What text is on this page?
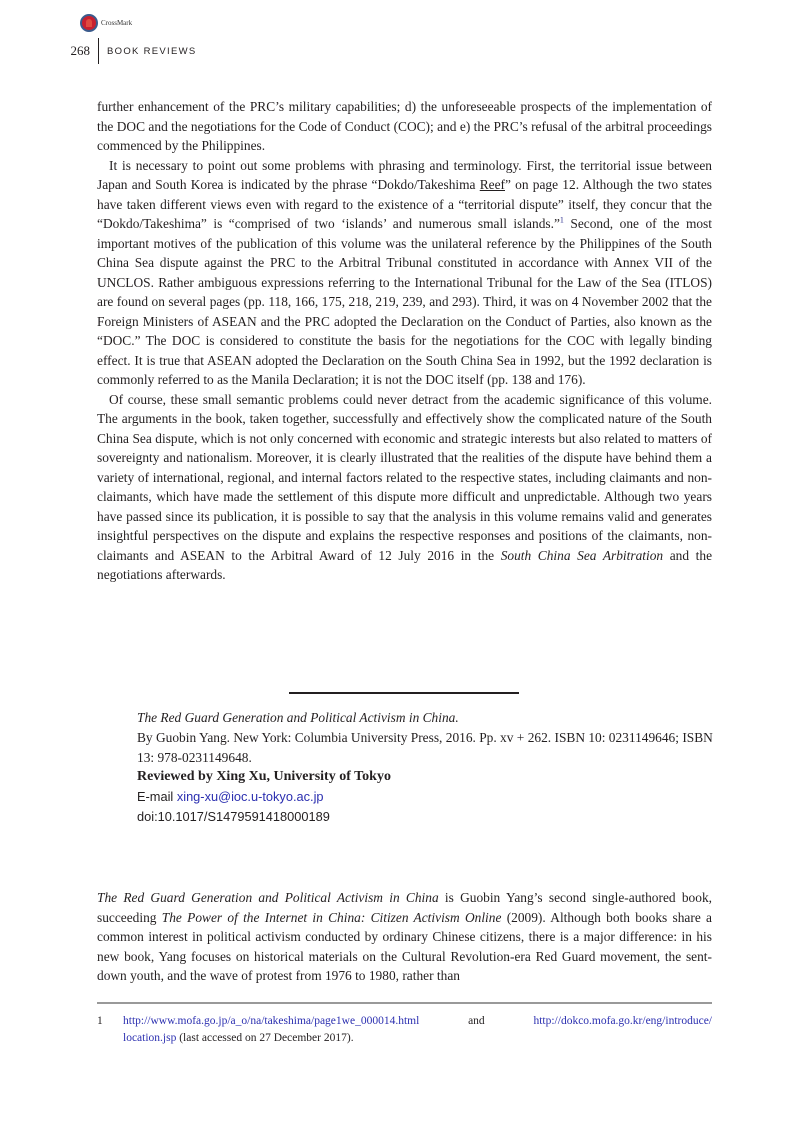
CrossMark
268	BOOK REVIEWS

further enhancement of the PRC’s military capabilities; d) the unforeseeable prospects of the implementation of the DOC and the negotiations for the Code of Conduct (COC); and e) the PRC’s refusal of the arbitral proceedings commenced by the Philippines.

It is necessary to point out some problems with phrasing and terminology. First, the territorial issue between Japan and South Korea is indicated by the phrase “Dokdo/Takeshima Reef” on page 12. Although the two states have taken different views even with regard to the existence of a “territorial dispute” itself, they concur that the “Dokdo/Takeshima” is “comprised of two ‘islands’ and numerous small islands.”$^1$ Second, one of the most important motives of the publication of this volume was the unilateral reference by the Philippines of the South China Sea dispute against the PRC to the Arbitral Tribunal constituted in accordance with Annex VII of the UNCLOS. Rather ambiguous expressions referring to the International Tribunal for the Law of the Sea (ITLOS) are found on several pages (pp. 118, 166, 175, 218, 219, 239, and 293). Third, it was on 4 November 2002 that the Foreign Ministers of ASEAN and the PRC adopted the Declaration on the Conduct of Parties, also known as the “DOC.” The DOC is considered to constitute the basis for the negotiations for the COC with legally binding effect. It is true that ASEAN adopted the Declaration on the South China Sea in 1992, but the 1992 declaration is commonly referred to as the Manila Declaration; it is not the DOC itself (pp. 138 and 176).

Of course, these small semantic problems could never detract from the academic significance of this volume. The arguments in the book, taken together, successfully and effectively show the complicated nature of the South China Sea dispute, which is not only concerned with economic and strategic interests but also related to matters of sovereignty and nationalism. Moreover, it is clearly illustrated that the realities of the dispute have behind them a variety of international, regional, and internal factors related to the respective states, including claimants and non-claimants, which have made the settlement of this dispute more difficult and unpredictable. Although two years have passed since its publication, it is possible to say that the analysis in this volume remains valid and generates insightful perspectives on the dispute and explains the respective responses and positions of the claimants, non-claimants and ASEAN to the Arbitral Award of 12 July 2016 in the South China Sea Arbitration and the negotiations afterwards.

The Red Guard Generation and Political Activism in China.
By Guobin Yang. New York: Columbia University Press, 2016. Pp. xv + 262. ISBN 10: 0231149646; ISBN 13: 978-0231149648.
Reviewed by Xing Xu, University of Tokyo
E-mail xing-xu@ioc.u-tokyo.ac.jp
doi:10.1017/S1479591418000189

The Red Guard Generation and Political Activism in China is Guobin Yang’s second single-authored book, succeeding The Power of the Internet in China: Citizen Activism Online (2009). Although both books share a common interest in political activism conducted by ordinary Chinese citizens, there is a major difference: in his new book, Yang focuses on historical materials on the Cultural Revolution-era Red Guard movement, the sent-down youth, and the wave of protest from 1976 to 1980, rather than

1 http://www.mofa.go.jp/a_o/na/takeshima/page1we_000014.html	and	http://dokco.mofa.go.kr/eng/introduce/
location.jsp (last accessed on 27 December 2017).
